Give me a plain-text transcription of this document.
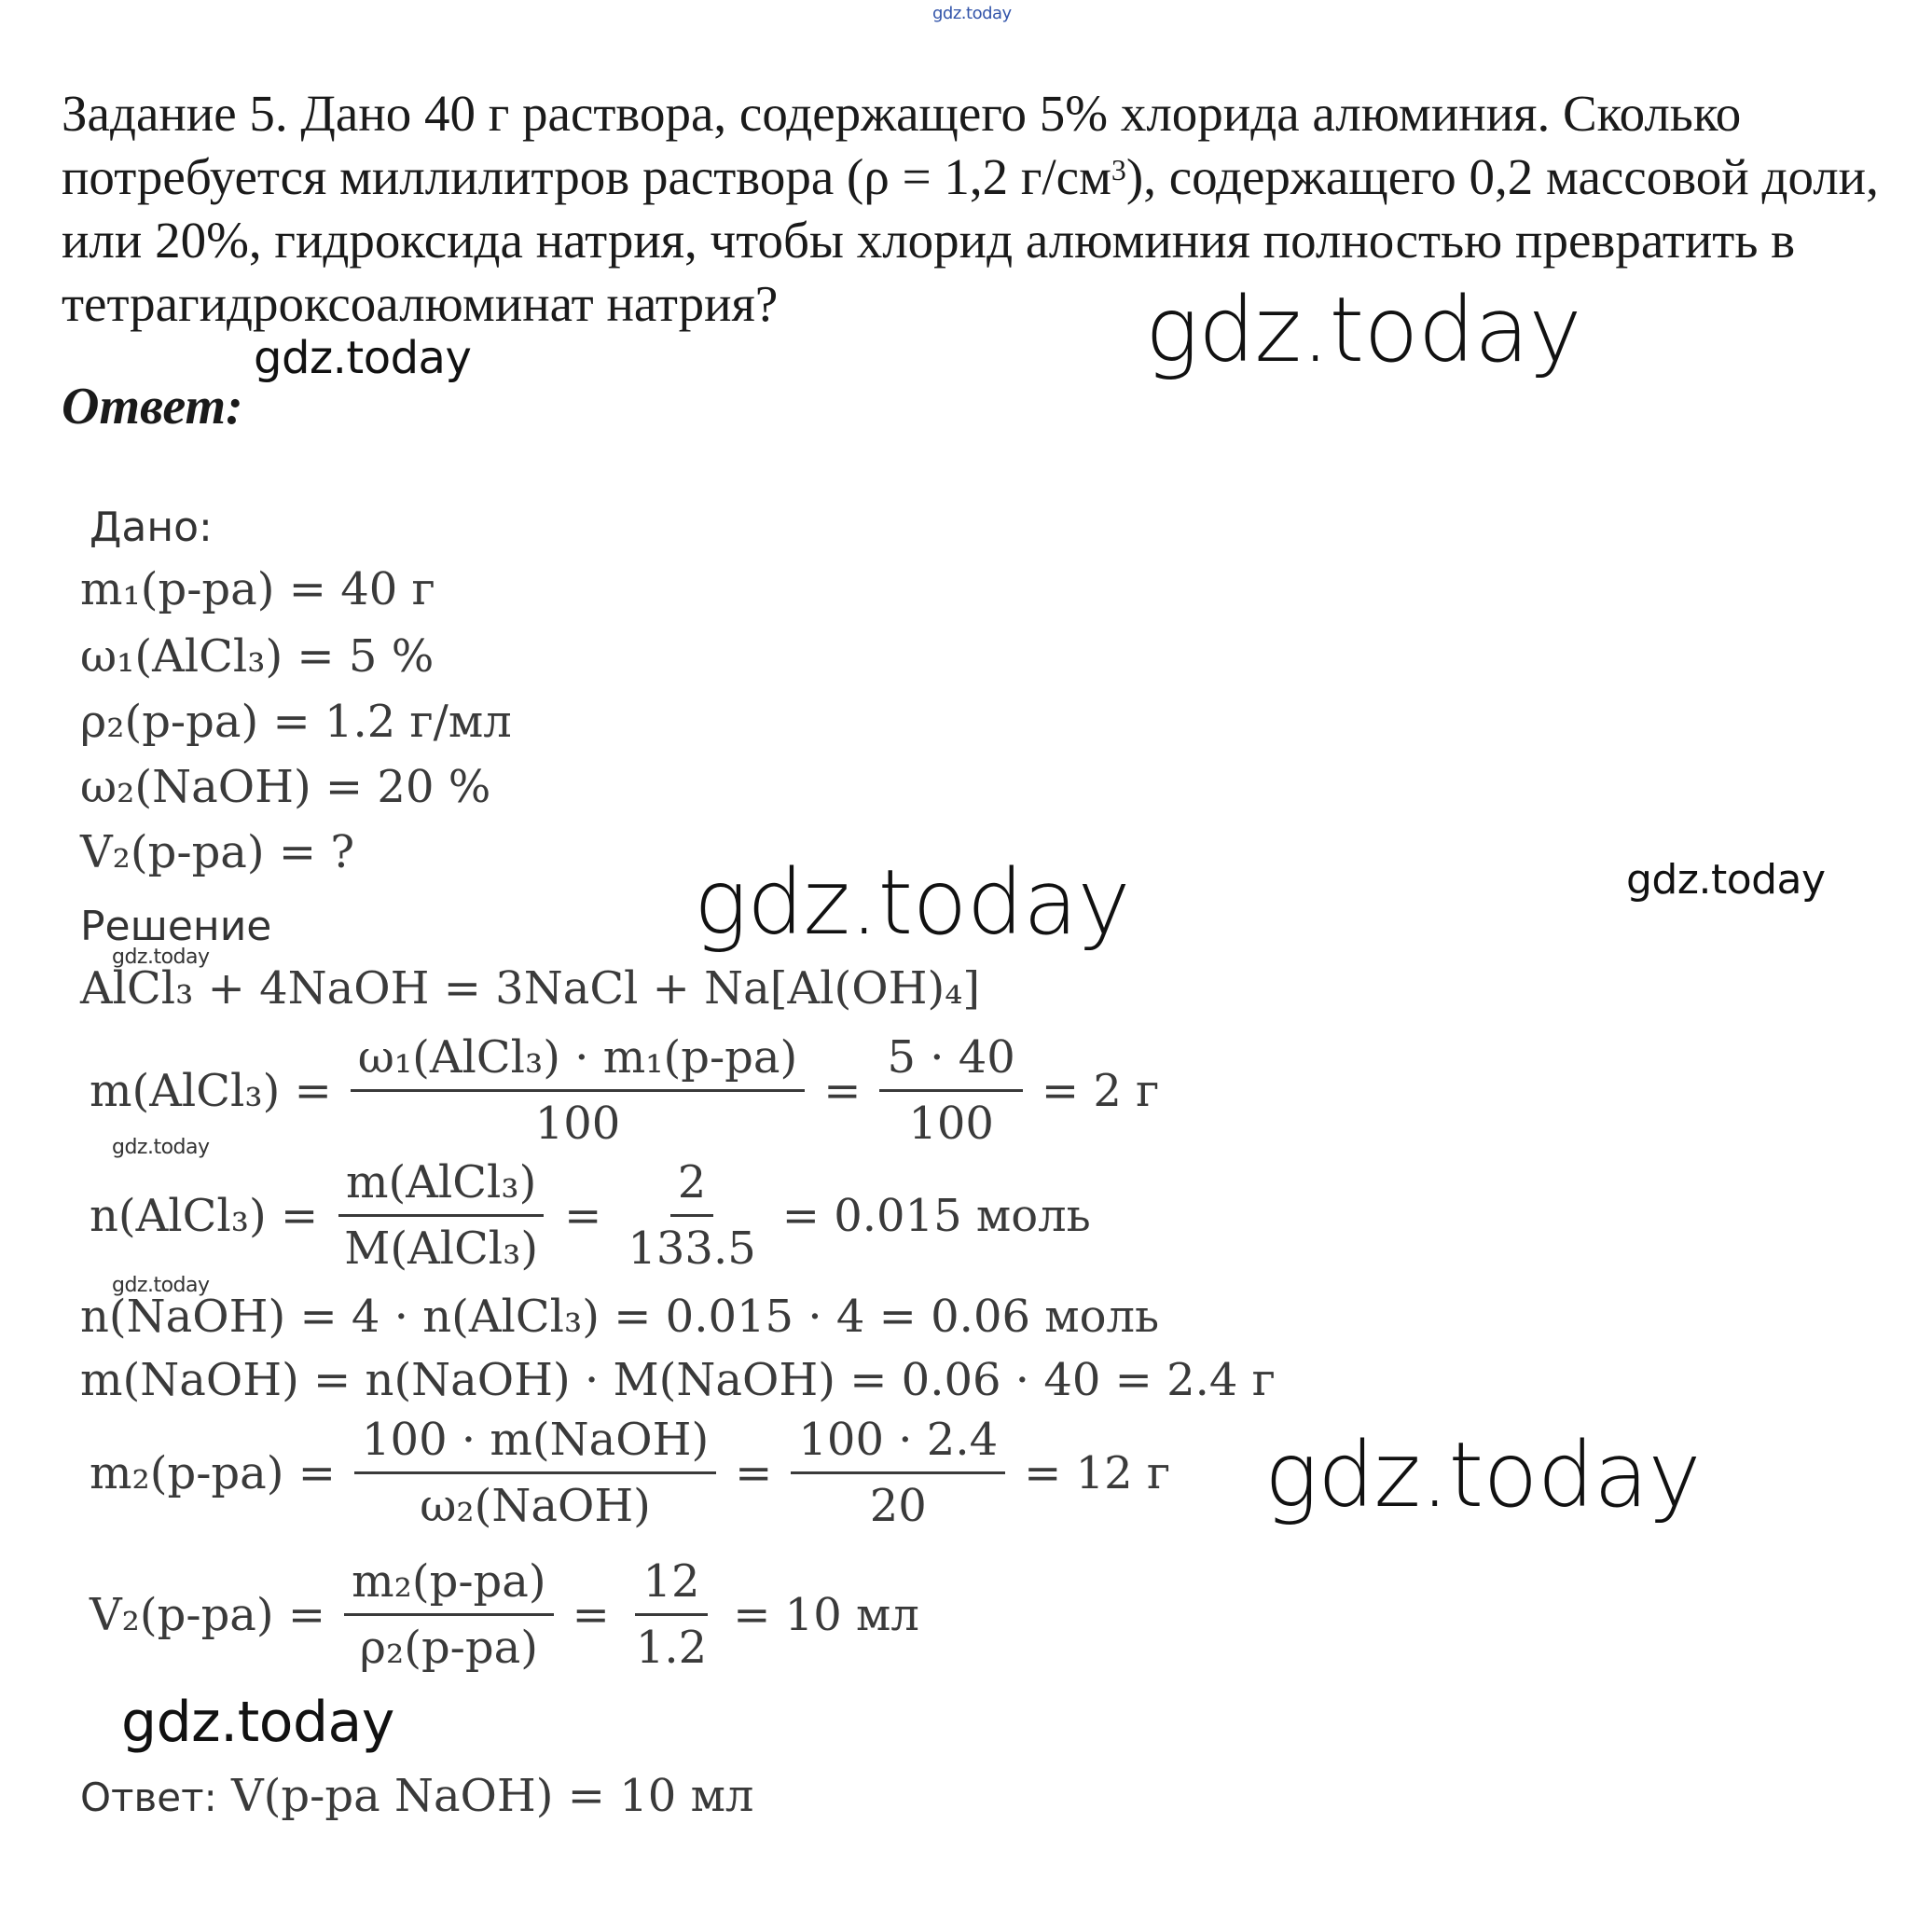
gdz.today
gdz.today
gdz.today
gdz.today	gdz.today
gdz.today
gdz.today
gdz.today
gdz.today
gdz.today
Задание 5. Дано 40 г раствора, содержащего 5% хлорида алюминия. Сколько потребуется миллилитров раствора (ρ = 1,2 $г/см^3$), содержащего 0,2 массовой доли, или 20%, гидроксида натрия, чтобы хлорид алюминия полностью превратить в тетрагидроксоалюминат натрия?
Ответ:
Дано:
m₁(р-ра) = 40 г
ω₁(AlCl₃) = 5 %
ρ₂(р-ра) = 1.2 г/мл
ω₂(NaOH) = 20 %
V₂(р-ра) = ?
Решение
AlCl₃ + 4NaOH = 3NaCl + Na[Al(OH)₄]
m(AlCl₃) = $\frac{\text{ω₁(AlCl₃) · m₁(р-ра)}}{100} = \frac{5 \cdot 40}{100} = 2$ г
n(AlCl₃) = $\frac{\text{m(AlCl₃)}}{\text{M(AlCl₃)}} = \frac{2}{133.5} = 0.015$ моль
n(NaOH) = 4 · n(AlCl₃) = 0.015 · 4 = 0.06 моль
m(NaOH) = n(NaOH) · M(NaOH) = 0.06 · 40 = 2.4 г
$m_2(р-ра) = \frac{\text{100 · m(NaOH)}}{\text{ω₂(NaOH)}} = \frac{100 \cdot 2.4}{20} = 12$ г
$V_2(р-ра) = \frac{\text{m₂(р-ра)}}{\text{ρ₂(р-ра)}} = \frac{12}{1.2} = 10$ мл
Ответ: V(р-ра NaOH) = 10 мл
